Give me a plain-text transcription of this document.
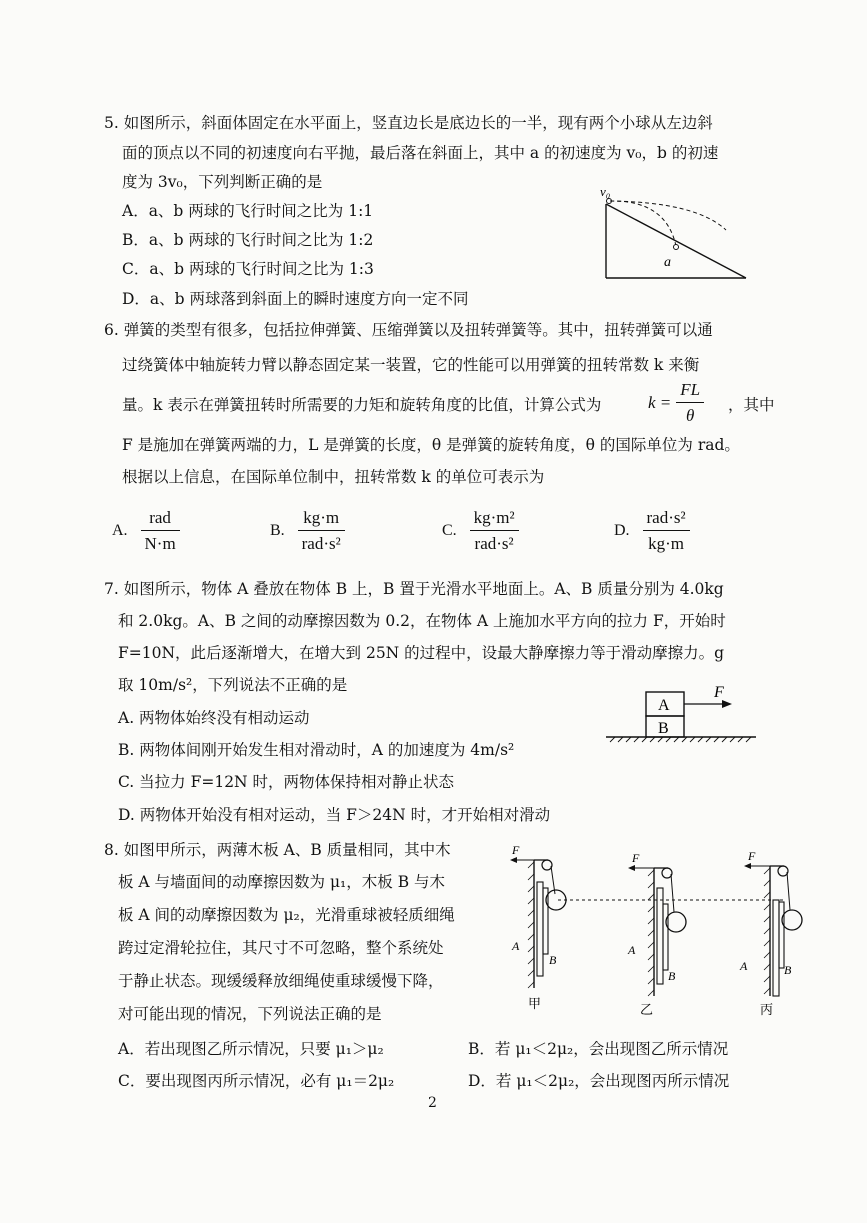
5. 如图所示，斜面体固定在水平面上，竖直边长是底边长的一半，现有两个小球从左边斜
面的顶点以不同的初速度向右平抛，最后落在斜面上，其中 a 的初速度为 v₀，b 的初速
度为 3v₀，下列判断正确的是
A．a、b 两球的飞行时间之比为 1:1
B．a、b 两球的飞行时间之比为 1:2
C．a、b 两球的飞行时间之比为 1:3
D．a、b 两球落到斜面上的瞬时速度方向一定不同
v₀
a
6. 弹簧的类型有很多，包括拉伸弹簧、压缩弹簧以及扭转弹簧等。其中，扭转弹簧可以通
过绕簧体中轴旋转力臂以静态固定某一装置，它的性能可以用弹簧的扭转常数 k 来衡
量。k 表示在弹簧扭转时所需要的力矩和旋转角度的比值，计算公式为	$k = \frac{FL}{\theta}$ ，其中
F 是施加在弹簧两端的力，L 是弹簧的长度，θ 是弹簧的旋转角度，θ 的国际单位为 rad。
根据以上信息，在国际单位制中，扭转常数 k 的单位可表示为
A. $\frac{\text{rad}}{N\cdot m}$	B. $\frac{kg\cdot m}{\text{rad·s²}}$	C. $\frac{\text{kg·m²}}{\text{rad·s²}}$	D. $\frac{\text{rad·s²}}{kg\cdot m}$
7. 如图所示，物体 A 叠放在物体 B 上，B 置于光滑水平地面上。A、B 质量分别为 4.0kg
和 2.0kg。A、B 之间的动摩擦因数为 0.2，在物体 A 上施加水平方向的拉力 F，开始时
F=10N，此后逐渐增大，在增大到 25N 的过程中，设最大静摩擦力等于滑动摩擦力。g
取 10m/s²，下列说法不正确的是
A. 两物体始终没有相动运动
B. 两物体间刚开始发生相对滑动时，A 的加速度为 4m/s²
C. 当拉力 F=12N 时，两物体保持相对静止状态
D. 两物体开始没有相对运动，当 F＞24N 时，才开始相对滑动
A
B
F
8. 如图甲所示，两薄木板 A、B 质量相同，其中木
板 A 与墙面间的动摩擦因数为 μ₁，木板 B 与木
板 A 间的动摩擦因数为 μ₂，光滑重球被轻质细绳
跨过定滑轮拉住，其尺寸不可忽略，整个系统处
于静止状态。现缓缓释放细绳使重球缓慢下降，
对可能出现的情况，下列说法正确的是
A．若出现图乙所示情况，只要 μ₁＞μ₂	B．若 μ₁＜2μ₂，会出现图乙所示情况
C．要出现图丙所示情况，必有 μ₁＝2μ₂	D．若 μ₁＜2μ₂，会出现图丙所示情况
F
A
B
甲
F
A
B
乙
F
A	B
丙
2
